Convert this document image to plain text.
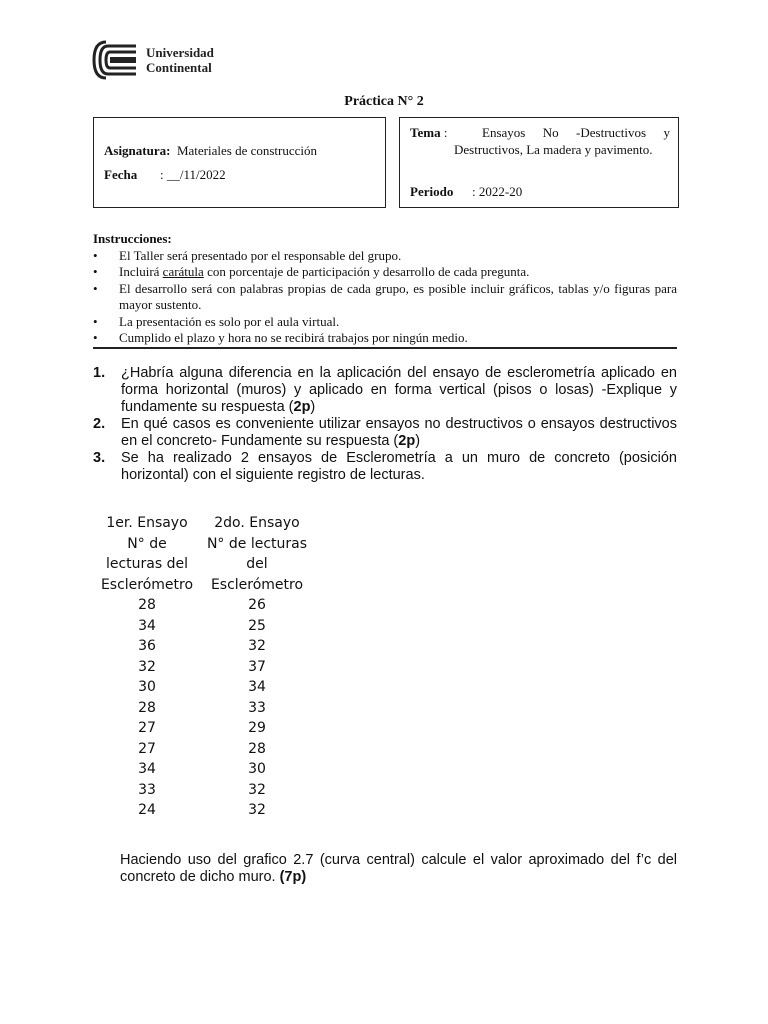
Universidad
Continental
Práctica N° 2
Asignatura: Materiales de construcción
Fecha : __/11/2022
Tema :	Ensayos No -Destructivos y Destructivos, La madera y pavimento.
Periodo : 2022-20
Instrucciones:
• El Taller será presentado por el responsable del grupo.
• Incluirá carátula con porcentaje de participación y desarrollo de cada pregunta.
• El desarrollo será con palabras propias de cada grupo, es posible incluir gráficos, tablas y/o figuras para mayor sustento.
• La presentación es solo por el aula virtual.
• Cumplido el plazo y hora no se recibirá trabajos por ningún medio.
1. ¿Habría alguna diferencia en la aplicación del ensayo de esclerometría aplicado en forma horizontal (muros) y aplicado en forma vertical (pisos o losas) -Explique y fundamente su respuesta (2p)
2. En qué casos es conveniente utilizar ensayos no destructivos o ensayos destructivos en el concreto- Fundamente su respuesta (2p)
3. Se ha realizado 2 ensayos de Esclerometría a un muro de concreto (posición horizontal) con el siguiente registro de lecturas.
1er. Ensayo
N° de
lecturas del
Esclerómetro
28
34
36
32
30
28
27
27
34
33
24
2do. Ensayo
N° de lecturas
del
Esclerómetro
26
25
32
37
34
33
29
28
30
32
32
Haciendo uso del grafico 2.7 (curva central) calcule el valor aproximado del f’c del concreto de dicho muro. (7p)
